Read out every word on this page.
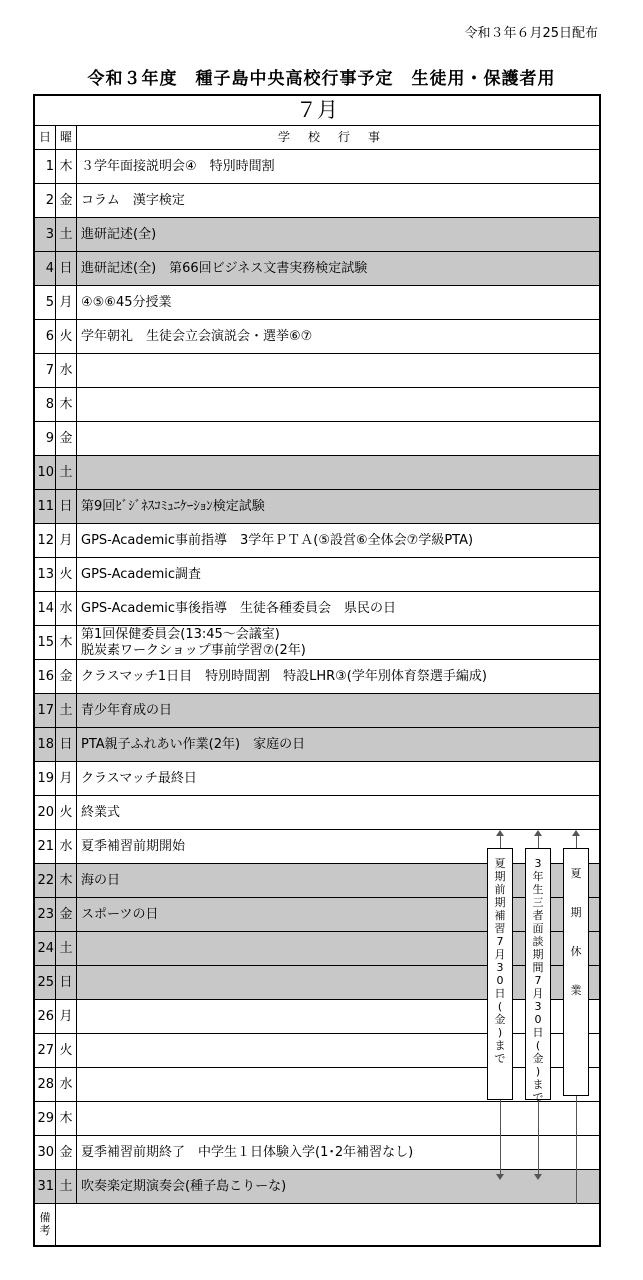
令和３年６月25日配布
令和３年度　種子島中央高校行事予定　生徒用・保護者用
７月
日 曜	学校行事
1 木 ３学年面接説明会④　特別時間割
2 金 コラム　漢字検定
3 土 進研記述(全)
4 日 進研記述(全)　第66回ビジネス文書実務検定試験
5 月 ④⑤⑥45分授業
6 火 学年朝礼　生徒会立会演説会・選挙⑥⑦
7 水
8 木
9 金
10 土
11 日 第9回ﾋﾞｼﾞﾈｽｺﾐｭﾆｹｰｼｮﾝ検定試験
12 月 GPS-Academic事前指導　3学年ＰＴＡ(⑤設営⑥全体会⑦学級PTA)
13 火 GPS-Academic調査
14 水 GPS-Academic事後指導　生徒各種委員会　県民の日
15 木
第1回保健委員会(13:45～会議室)
脱炭素ワークショップ事前学習⑦(2年)
16 金 クラスマッチ1日目　特別時間割　特設LHR③(学年別体育祭選手編成)
17 土 青少年育成の日
18 日 PTA親子ふれあい作業(2年)　家庭の日
19 月 クラスマッチ最終日
20 火 終業式
21 水 夏季補習前期開始
22 木 海の日
23 金 スポーツの日
24 土
25 日
26 月
27 火
28 水
29 木
30 金 夏季補習前期終了　中学生１日体験入学(1･2年補習なし)
31 土 吹奏楽定期演奏会(種子島こりーな)
備
考
夏
期
前
期
補
習
7
月
3
0
日
(
金
)
ま
で
3
年
生
三
者
面
談
期
間
7
月
3
0
日
(
金
)
ま
で
夏
期
休
業
